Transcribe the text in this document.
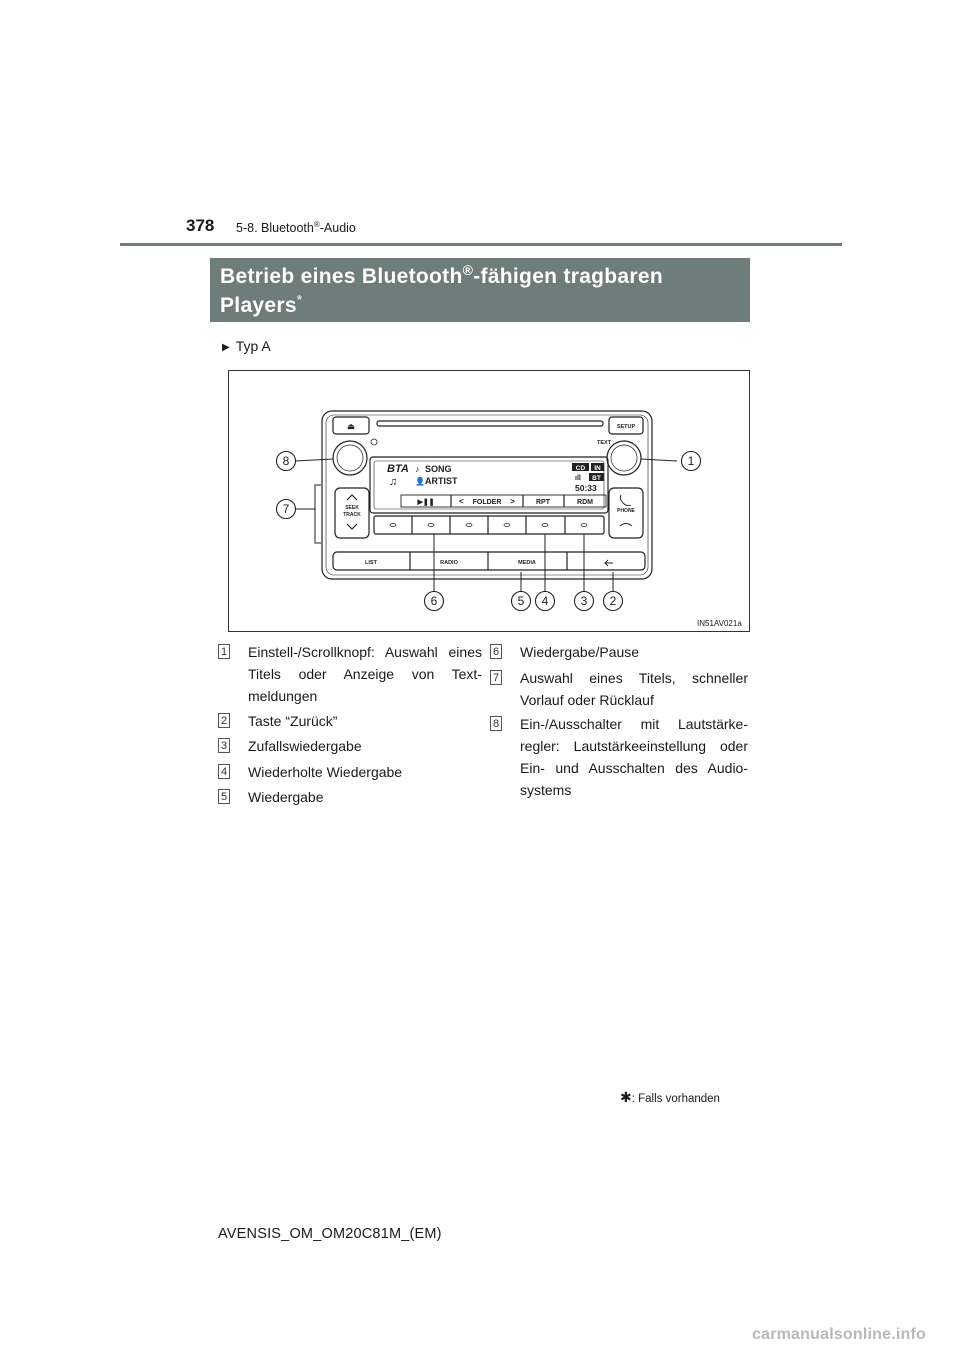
378 5-8. Bluetooth®-Audio
Betrieb eines Bluetooth®-fähigen tragbaren
Players*
▶ Typ A
⏏	SETUP
TEXT
BTA
♫
♪ SONG
👤 ARTIST
CD IN
BT
ıll
50:33
▶❚❚	FOLDER
<	>	RPT	RDM
SEEK
TRACK
PHONE
LIST	RADIO	MEDIA
8	1
7
6	5 4	3 2
IN51AV021a
1 Einstell-/Scrollknopf: Auswahl eines Titels oder Anzeige von Text-meldungen
2 Taste “Zurück”
3 Zufallswiedergabe
4 Wiederholte Wiedergabe
5 Wiedergabe
6 Wiedergabe/Pause
7 Auswahl eines Titels, schneller Vorlauf oder Rücklauf
8 Ein-/Ausschalter mit Lautstärke-regler: Lautstärkeeinstellung oder Ein- und Ausschalten des Audio-systems
✱: Falls vorhanden
AVENSIS_OM_OM20C81M_(EM)
carmanualsonline.info
